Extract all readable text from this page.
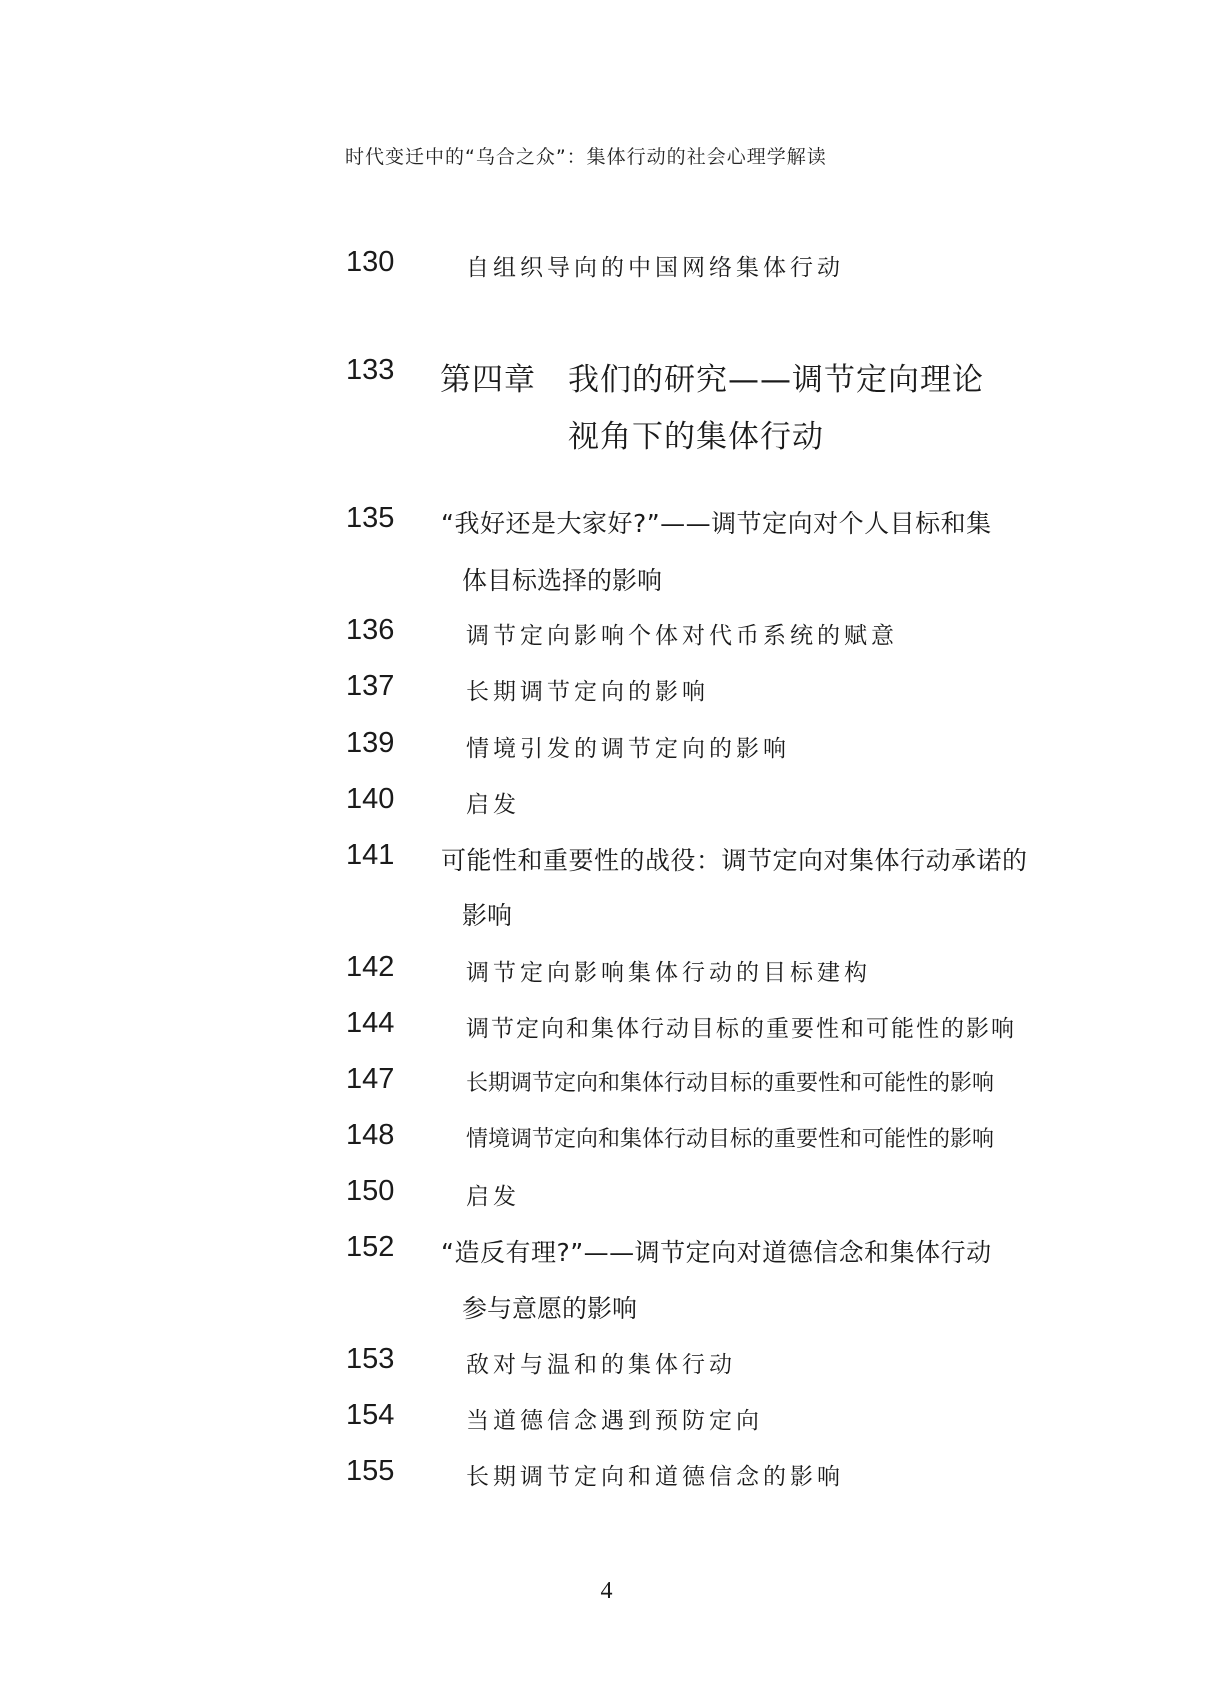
时代变迁中的“乌合之众”：集体行动的社会心理学解读
130	自组织导向的中国网络集体行动
133 第四章　我们的研究——调节定向理论
视角下的集体行动
135 “我好还是大家好?”——调节定向对个人目标和集
体目标选择的影响
136	调节定向影响个体对代币系统的赋意
137	长期调节定向的影响
139	情境引发的调节定向的影响
140	启发
141 可能性和重要性的战役：调节定向对集体行动承诺的
影响
142	调节定向影响集体行动的目标建构
144	调节定向和集体行动目标的重要性和可能性的影响
147	长期调节定向和集体行动目标的重要性和可能性的影响
148	情境调节定向和集体行动目标的重要性和可能性的影响
150	启发
152 “造反有理?”——调节定向对道德信念和集体行动
参与意愿的影响
153	敌对与温和的集体行动
154	当道德信念遇到预防定向
155	长期调节定向和道德信念的影响
4
